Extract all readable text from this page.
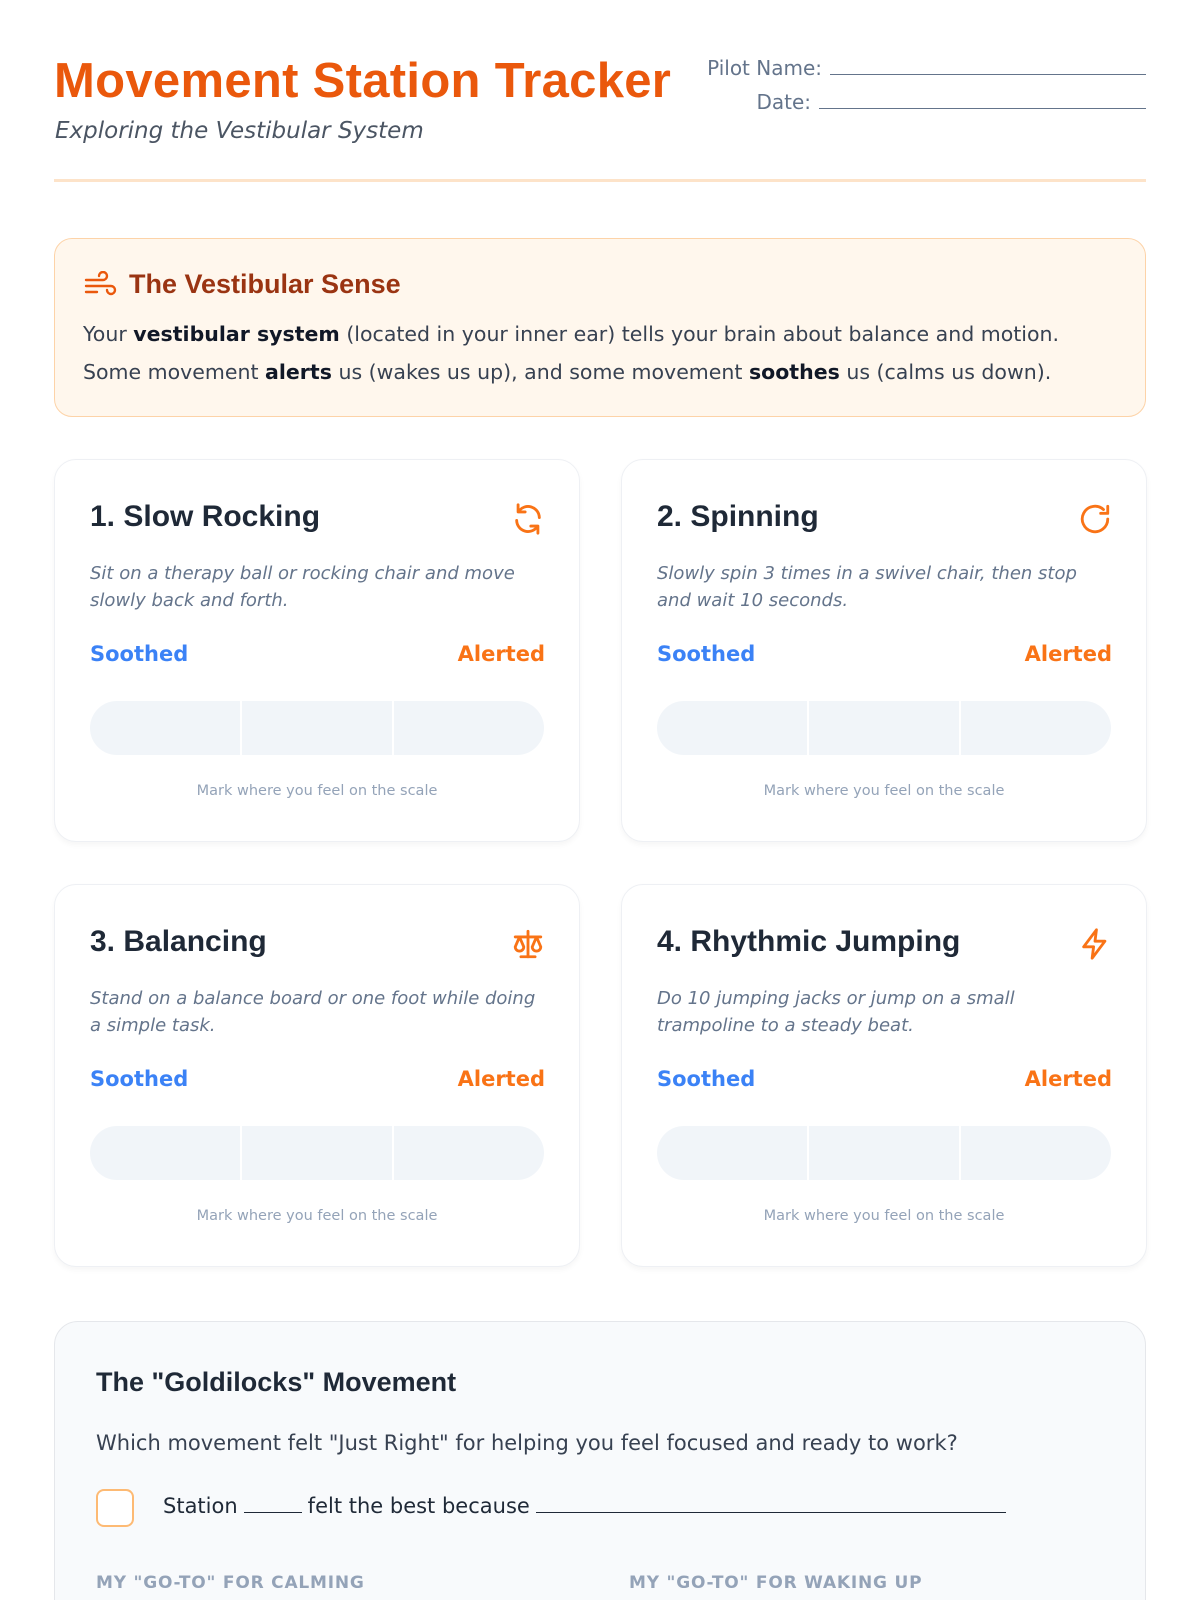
Movement Station Tracker
Exploring the Vestibular System
Pilot Name:
Date:
The Vestibular Sense
Your vestibular system (located in your inner ear) tells your brain about balance and motion. Some movement alerts us (wakes us up), and some movement soothes us (calms us down).
1. Slow Rocking
Sit on a therapy ball or rocking chair and move slowly back and forth.
Soothed	Alerted
Mark where you feel on the scale
2. Spinning
Slowly spin 3 times in a swivel chair, then stop and wait 10 seconds.
Soothed	Alerted
Mark where you feel on the scale
3. Balancing
Stand on a balance board or one foot while doing a simple task.
Soothed	Alerted
Mark where you feel on the scale
4. Rhythmic Jumping
Do 10 jumping jacks or jump on a small trampoline to a steady beat.
Soothed	Alerted
Mark where you feel on the scale
The "Goldilocks" Movement
Which movement felt "Just Right" for helping you feel focused and ready to work?
Station	felt the best because
MY "GO-TO" FOR CALMING	MY "GO-TO" FOR WAKING UP
